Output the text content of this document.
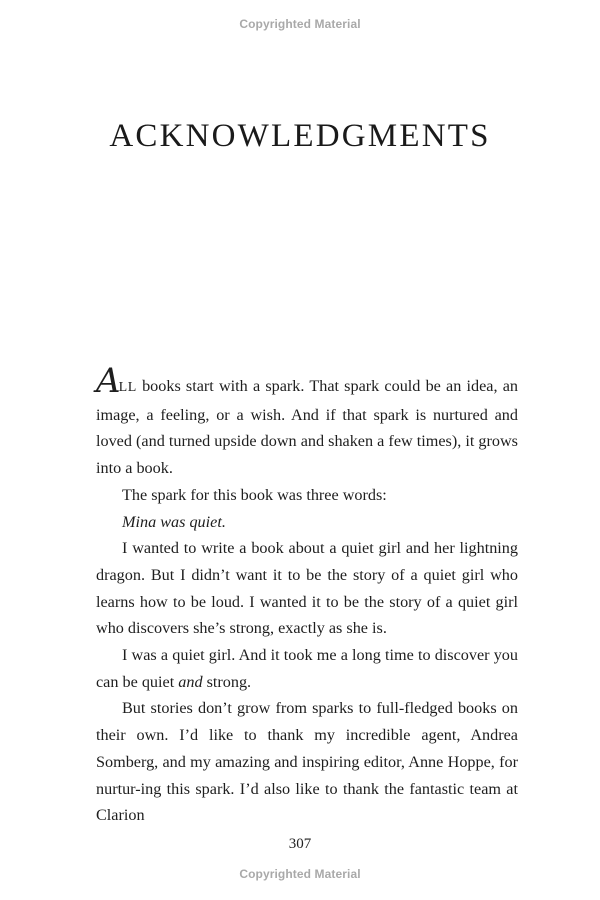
Copyrighted Material
ACKNOWLEDGMENTS

ALL books start with a spark. That spark could be an idea, an image, a feeling, or a wish. And if that spark is nurtured and loved (and turned upside down and shaken a few times), it grows into a book.

The spark for this book was three words:

Mina was quiet.

I wanted to write a book about a quiet girl and her lightning dragon. But I didn’t want it to be the story of a quiet girl who learns how to be loud. I wanted it to be the story of a quiet girl who discovers she’s strong, exactly as she is.

I was a quiet girl. And it took me a long time to discover you can be quiet and strong.

But stories don’t grow from sparks to full-fledged books on their own. I’d like to thank my incredible agent, Andrea Somberg, and my amazing and inspiring editor, Anne Hoppe, for nurtur-ing this spark. I’d also like to thank the fantastic team at Clarion

307
Copyrighted Material
